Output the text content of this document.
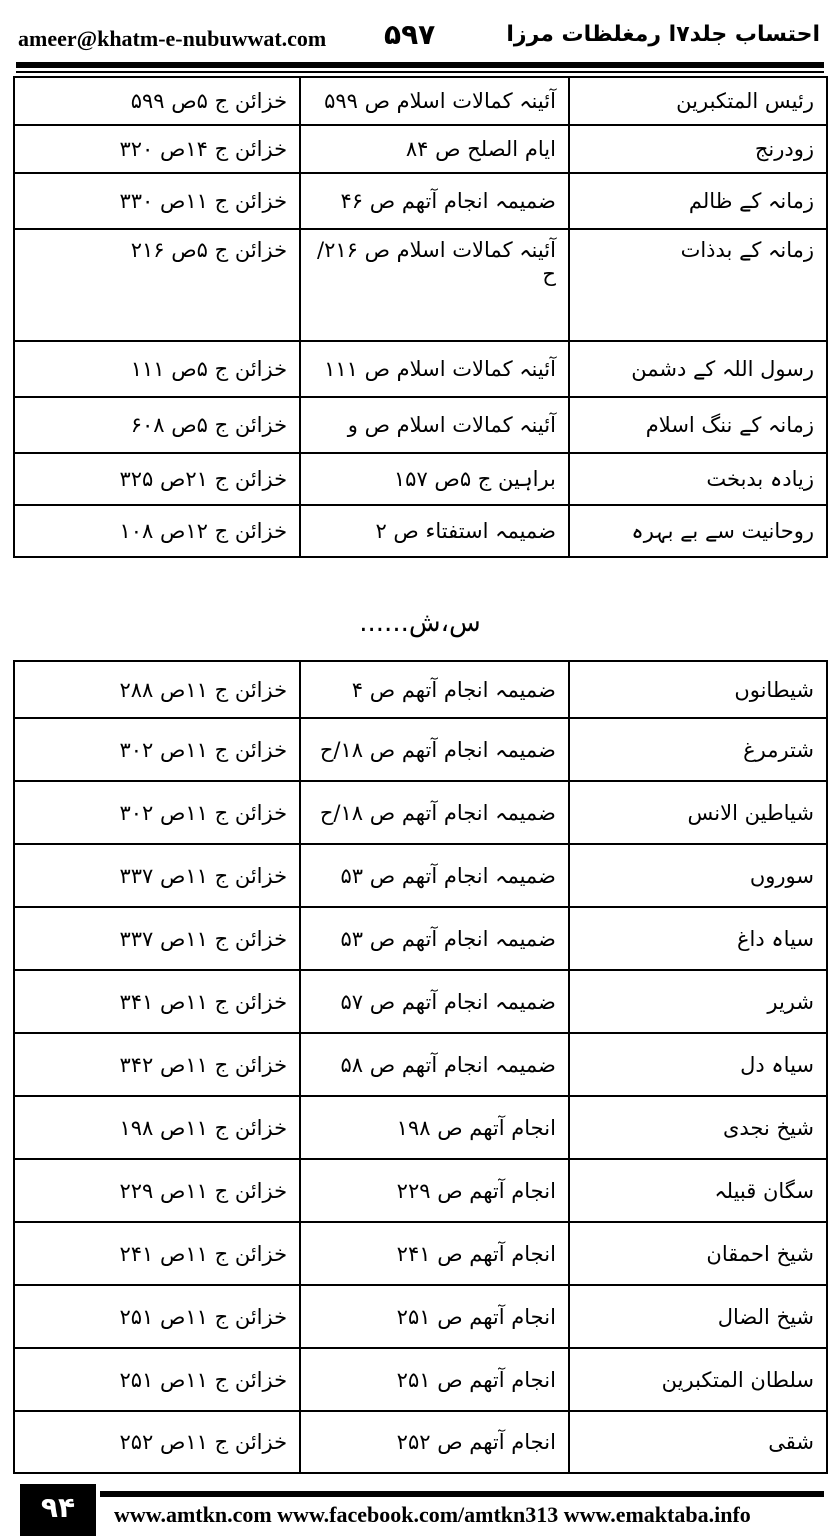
ameer@khatm-e-nubuwwat.com ۵۹۷	احتساب جلد۷ا رمغلظات مرزا
رئیس المتکبرین	آئینہ کمالات اسلام ص ۵۹۹	خزائن ج ۵ص ۵۹۹
زودرنج	ایام الصلح ص ۸۴	خزائن ج ۱۴ص ۳۲۰
زمانہ کے ظالم	ضمیمہ انجام آتھم ص ۴۶	خزائن ج ۱۱ص ۳۳۰
زمانہ کے بدذات	آئینہ کمالات اسلام ص ۲۱۶/ح	خزائن ج ۵ص ۲۱۶
رسول اللہ کے دشمن	آئینہ کمالات اسلام ص ۱۱۱	خزائن ج ۵ص ۱۱۱
زمانہ کے ننگ اسلام	آئینہ کمالات اسلام ص و	خزائن ج ۵ص ۶۰۸
زیادہ بدبخت	براہین ج ۵ص ۱۵۷	خزائن ج ۲۱ص ۳۲۵
روحانیت سے بے بہرہ	ضمیمہ استفتاء ص ۲	خزائن ج ۱۲ص ۱۰۸
س،ش......
شیطانوں	ضمیمہ انجام آتھم ص ۴	خزائن ج ۱۱ص ۲۸۸
شترمرغ	ضمیمہ انجام آتھم ص ۱۸/ح	خزائن ج ۱۱ص ۳۰۲
شیاطین الانس	ضمیمہ انجام آتھم ص ۱۸/ح	خزائن ج ۱۱ص ۳۰۲
سوروں	ضمیمہ انجام آتھم ص ۵۳	خزائن ج ۱۱ص ۳۳۷
سیاہ داغ	ضمیمہ انجام آتھم ص ۵۳	خزائن ج ۱۱ص ۳۳۷
شریر	ضمیمہ انجام آتھم ص ۵۷	خزائن ج ۱۱ص ۳۴۱
سیاہ دل	ضمیمہ انجام آتھم ص ۵۸	خزائن ج ۱۱ص ۳۴۲
شیخ نجدی	انجام آتھم ص ۱۹۸	خزائن ج ۱۱ص ۱۹۸
سگان قبیلہ	انجام آتھم ص ۲۲۹	خزائن ج ۱۱ص ۲۲۹
شیخ احمقان	انجام آتھم ص ۲۴۱	خزائن ج ۱۱ص ۲۴۱
شیخ الضال	انجام آتھم ص ۲۵۱	خزائن ج ۱۱ص ۲۵۱
سلطان المتکبرین	انجام آتھم ص ۲۵۱	خزائن ج ۱۱ص ۲۵۱
شقی	انجام آتھم ص ۲۵۲	خزائن ج ۱۱ص ۲۵۲
۹۴	www.amtkn.com www.facebook.com/amtkn313 www.emaktaba.info
